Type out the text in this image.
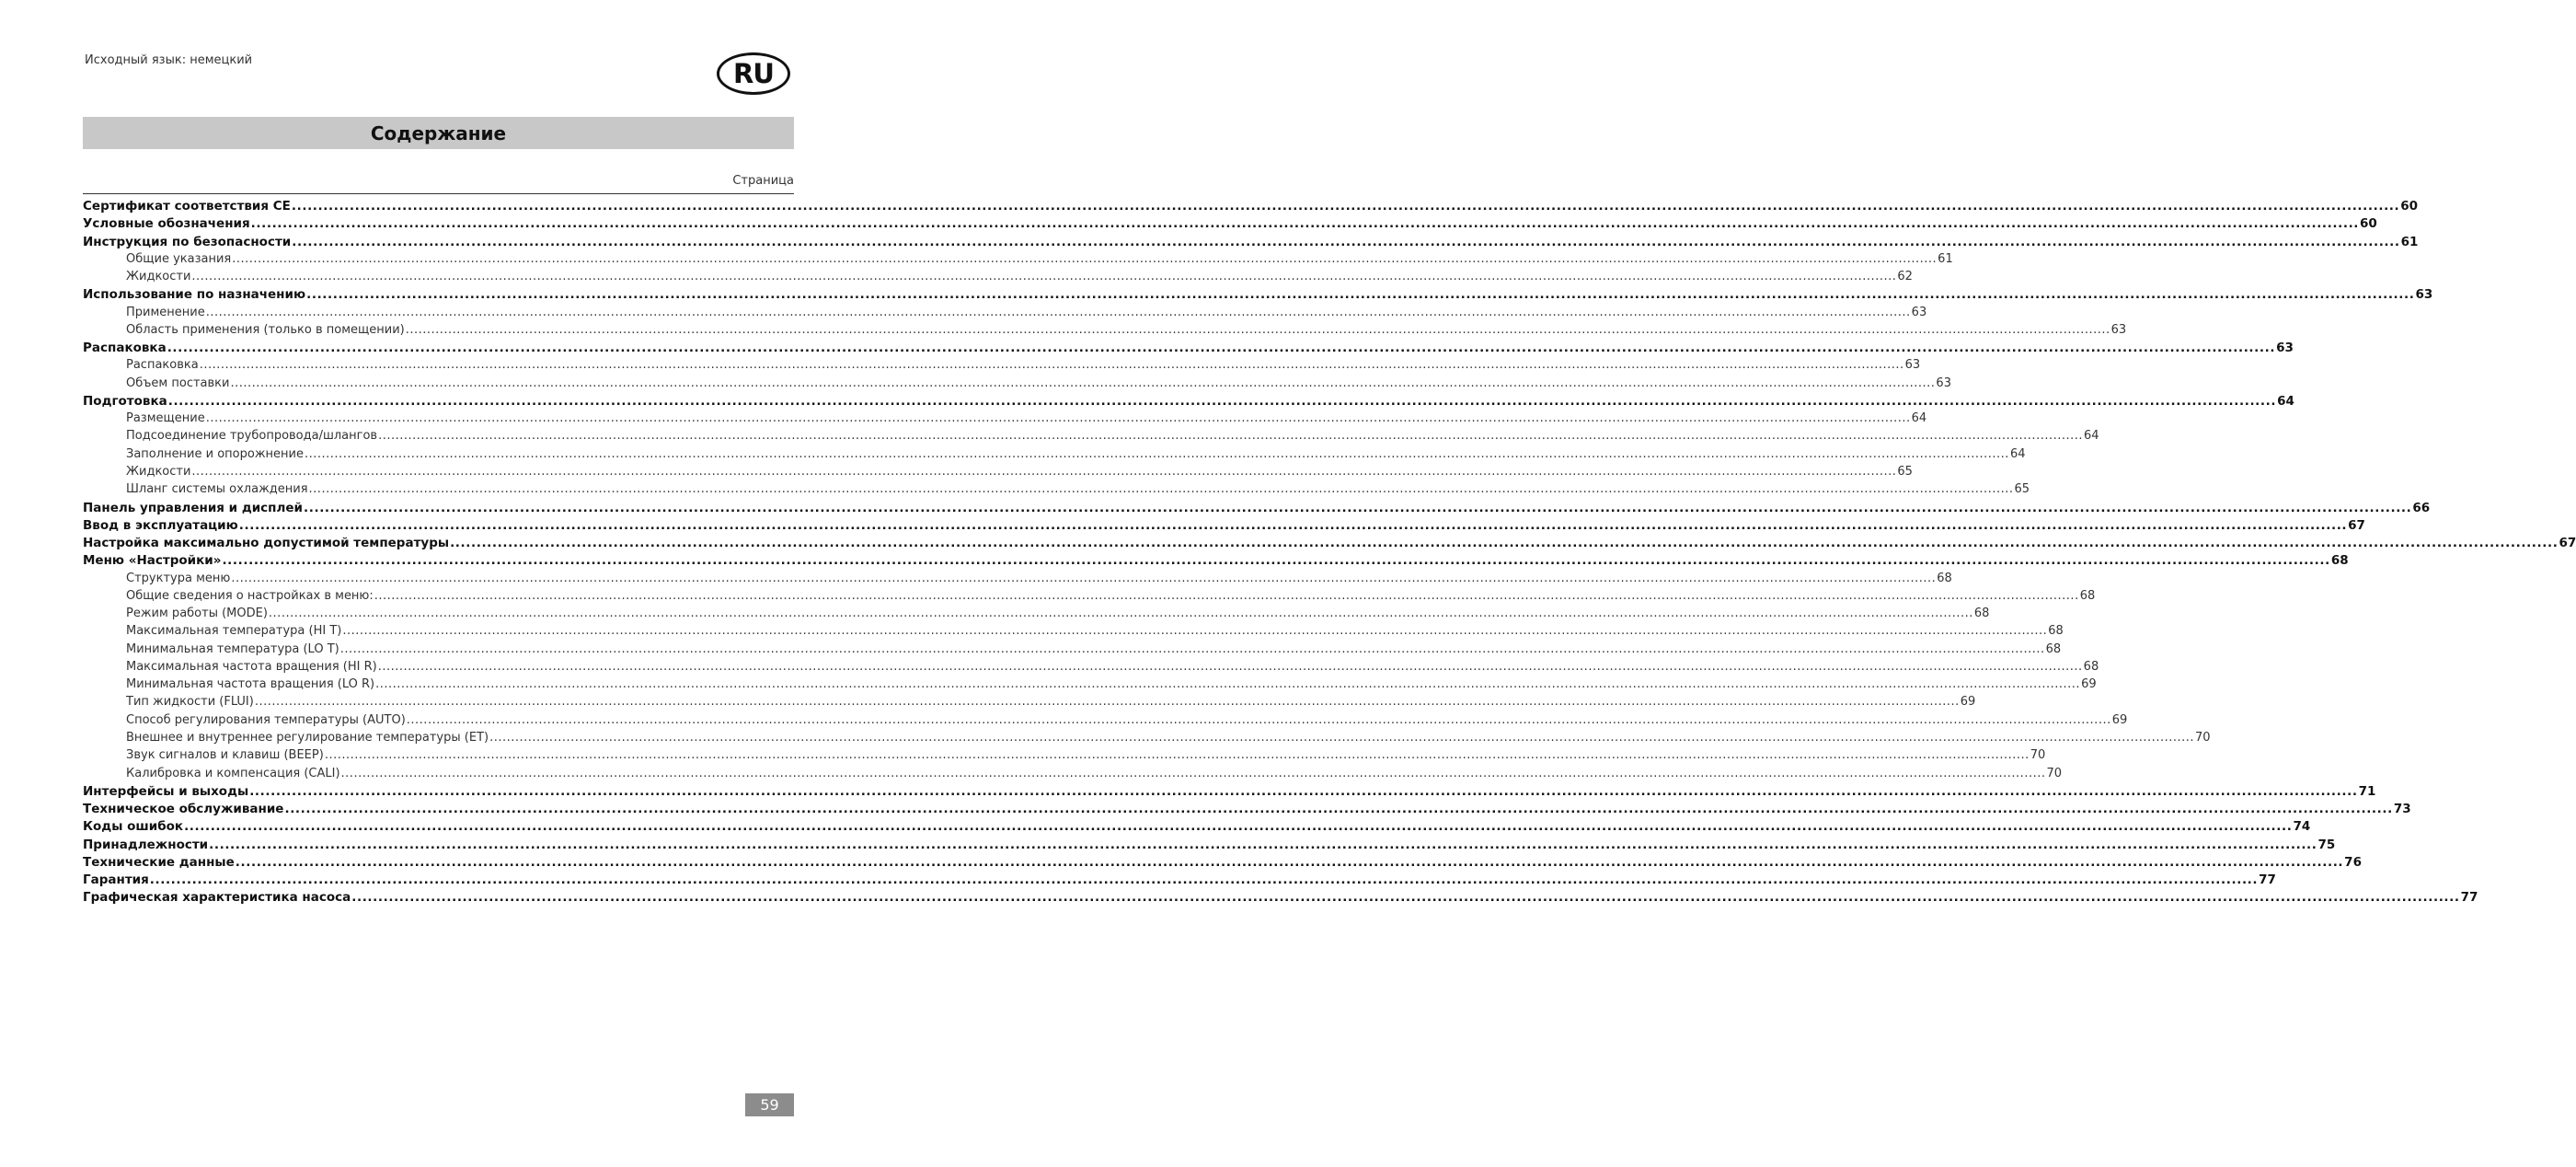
Исходный язык: немецкий	RU
Содержание
Страница
Сертификат соответствия CE ................................................................................................................................................................................................................................................................................................................................................................................................................ 60
Условные обозначения ................................................................................................................................................................................................................................................................................................................................................................................................................ 60
Инструкция по безопасности ................................................................................................................................................................................................................................................................................................................................................................................................................ 61
Общие указания ................................................................................................................................................................................................................................................................................................................................................................................................................ 61
Жидкости ................................................................................................................................................................................................................................................................................................................................................................................................................ 62
Использование по назначению ................................................................................................................................................................................................................................................................................................................................................................................................................ 63
Применение ................................................................................................................................................................................................................................................................................................................................................................................................................ 63
Область применения (только в помещении) ................................................................................................................................................................................................................................................................................................................................................................................................................ 63
Распаковка ................................................................................................................................................................................................................................................................................................................................................................................................................ 63
Распаковка ................................................................................................................................................................................................................................................................................................................................................................................................................ 63
Объем поставки ................................................................................................................................................................................................................................................................................................................................................................................................................ 63
Подготовка ................................................................................................................................................................................................................................................................................................................................................................................................................ 64
Размещение ................................................................................................................................................................................................................................................................................................................................................................................................................ 64
Подсоединение трубопровода/шлангов ................................................................................................................................................................................................................................................................................................................................................................................................................ 64
Заполнение и опорожнение ................................................................................................................................................................................................................................................................................................................................................................................................................ 64
Жидкости ................................................................................................................................................................................................................................................................................................................................................................................................................ 65
Шланг системы охлаждения ................................................................................................................................................................................................................................................................................................................................................................................................................ 65
Панель управления и дисплей ................................................................................................................................................................................................................................................................................................................................................................................................................ 66
Ввод в эксплуатацию ................................................................................................................................................................................................................................................................................................................................................................................................................ 67
Настройка максимально допустимой температуры ................................................................................................................................................................................................................................................................................................................................................................................................................ 67
Меню «Настройки» ................................................................................................................................................................................................................................................................................................................................................................................................................ 68
Структура меню ................................................................................................................................................................................................................................................................................................................................................................................................................ 68
Общие сведения о настройках в меню: ................................................................................................................................................................................................................................................................................................................................................................................................................ 68
Режим работы (MODE) ................................................................................................................................................................................................................................................................................................................................................................................................................ 68
Максимальная температура (HI T) ................................................................................................................................................................................................................................................................................................................................................................................................................ 68
Минимальная температура (LO T) ................................................................................................................................................................................................................................................................................................................................................................................................................ 68
Максимальная частота вращения (HI R) ................................................................................................................................................................................................................................................................................................................................................................................................................ 68
Минимальная частота вращения (LO R) ................................................................................................................................................................................................................................................................................................................................................................................................................ 69
Тип жидкости (FLUI) ................................................................................................................................................................................................................................................................................................................................................................................................................ 69
Способ регулирования температуры (AUTO) ................................................................................................................................................................................................................................................................................................................................................................................................................ 69
Внешнее и внутреннее регулирование температуры (ET) ................................................................................................................................................................................................................................................................................................................................................................................................................ 70
Звук сигналов и клавиш (BEEP) ................................................................................................................................................................................................................................................................................................................................................................................................................ 70
Калибровка и компенсация (CALI) ................................................................................................................................................................................................................................................................................................................................................................................................................ 70
Интерфейсы и выходы ................................................................................................................................................................................................................................................................................................................................................................................................................ 71
Техническое обслуживание ................................................................................................................................................................................................................................................................................................................................................................................................................ 73
Коды ошибок ................................................................................................................................................................................................................................................................................................................................................................................................................ 74
Принадлежности ................................................................................................................................................................................................................................................................................................................................................................................................................ 75
Технические данные ................................................................................................................................................................................................................................................................................................................................................................................................................ 76
Гарантия ................................................................................................................................................................................................................................................................................................................................................................................................................ 77
Графическая характеристика насоса ................................................................................................................................................................................................................................................................................................................................................................................................................ 77
59
